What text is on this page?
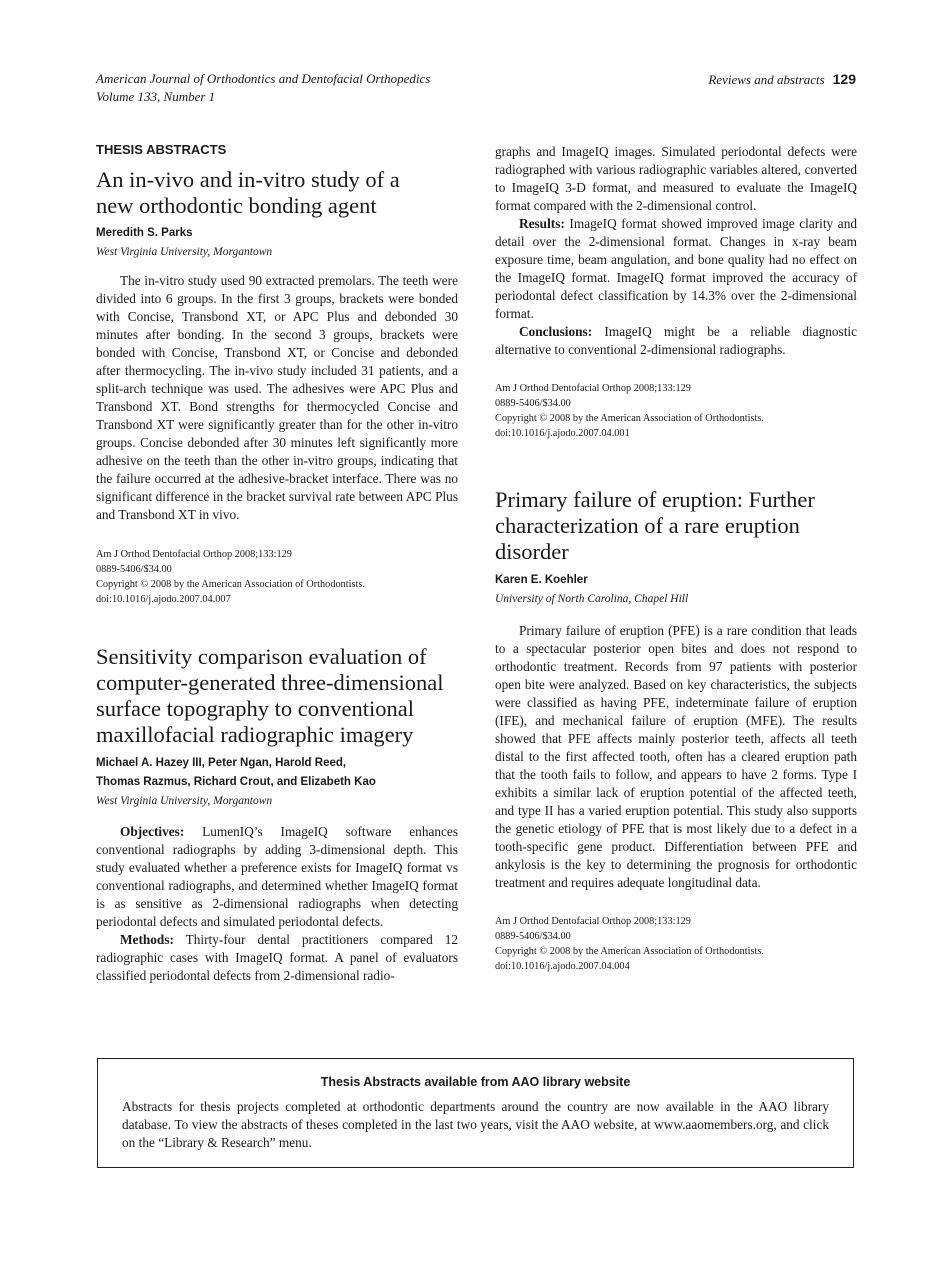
American Journal of Orthodontics and Dentofacial Orthopedics
Volume 133, Number 1
Reviews and abstracts 129
THESIS ABSTRACTS
An in-vivo and in-vitro study of a new orthodontic bonding agent
Meredith S. Parks
West Virginia University, Morgantown

The in-vitro study used 90 extracted premolars. The teeth were divided into 6 groups. In the first 3 groups, brackets were bonded with Concise, Transbond XT, or APC Plus and debonded 30 minutes after bonding. In the second 3 groups, brackets were bonded with Concise, Transbond XT, or Concise and debonded after thermocycling. The in-vivo study included 31 patients, and a split-arch technique was used. The adhesives were APC Plus and Transbond XT. Bond strengths for thermocycled Concise and Transbond XT were significantly greater than for the other in-vitro groups. Concise debonded after 30 minutes left significantly more adhesive on the teeth than the other in-vitro groups, indicating that the failure occurred at the adhesive-bracket interface. There was no significant difference in the bracket survival rate between APC Plus and Transbond XT in vivo.

Am J Orthod Dentofacial Orthop 2008;133:129
0889-5406/$34.00
Copyright © 2008 by the American Association of Orthodontists.
doi:10.1016/j.ajodo.2007.04.007
Sensitivity comparison evaluation of computer-generated three-dimensional surface topography to conventional maxillofacial radiographic imagery
Michael A. Hazey III, Peter Ngan, Harold Reed,
Thomas Razmus, Richard Crout, and Elizabeth Kao
West Virginia University, Morgantown

Objectives: LumenIQ’s ImageIQ software enhances conventional radiographs by adding 3-dimensional depth. This study evaluated whether a preference exists for ImageIQ format vs conventional radiographs, and determined whether ImageIQ format is as sensitive as 2-dimensional radiographs when detecting periodontal defects and simulated periodontal defects.

Methods: Thirty-four dental practitioners compared 12 radiographic cases with ImageIQ format. A panel of evaluators classified periodontal defects from 2-dimensional radio-

graphs and ImageIQ images. Simulated periodontal defects were radiographed with various radiographic variables altered, converted to ImageIQ 3-D format, and measured to evaluate the ImageIQ format compared with the 2-dimensional control.

Results: ImageIQ format showed improved image clarity and detail over the 2-dimensional format. Changes in x-ray beam exposure time, beam angulation, and bone quality had no effect on the ImageIQ format. ImageIQ format improved the accuracy of periodontal defect classification by 14.3% over the 2-dimensional format.

Conclusions: ImageIQ might be a reliable diagnostic alternative to conventional 2-dimensional radiographs.

Am J Orthod Dentofacial Orthop 2008;133:129
0889-5406/$34.00
Copyright © 2008 by the American Association of Orthodontists.
doi:10.1016/j.ajodo.2007.04.001
Primary failure of eruption: Further characterization of a rare eruption disorder
Karen E. Koehler
University of North Carolina, Chapel Hill

Primary failure of eruption (PFE) is a rare condition that leads to a spectacular posterior open bites and does not respond to orthodontic treatment. Records from 97 patients with posterior open bite were analyzed. Based on key characteristics, the subjects were classified as having PFE, indeterminate failure of eruption (IFE), and mechanical failure of eruption (MFE). The results showed that PFE affects mainly posterior teeth, affects all teeth distal to the first affected tooth, often has a cleared eruption path that the tooth fails to follow, and appears to have 2 forms. Type I exhibits a similar lack of eruption potential of the affected teeth, and type II has a varied eruption potential. This study also supports the genetic etiology of PFE that is most likely due to a defect in a tooth-specific gene product. Differentiation between PFE and ankylosis is the key to determining the prognosis for orthodontic treatment and requires adequate longitudinal data.

Am J Orthod Dentofacial Orthop 2008;133:129
0889-5406/$34.00
Copyright © 2008 by the American Association of Orthodontists.
doi:10.1016/j.ajodo.2007.04.004
Thesis Abstracts available from AAO library website

Abstracts for thesis projects completed at orthodontic departments around the country are now available in the AAO library database. To view the abstracts of theses completed in the last two years, visit the AAO website, at www.aaomembers.org, and click on the “Library & Research” menu.
